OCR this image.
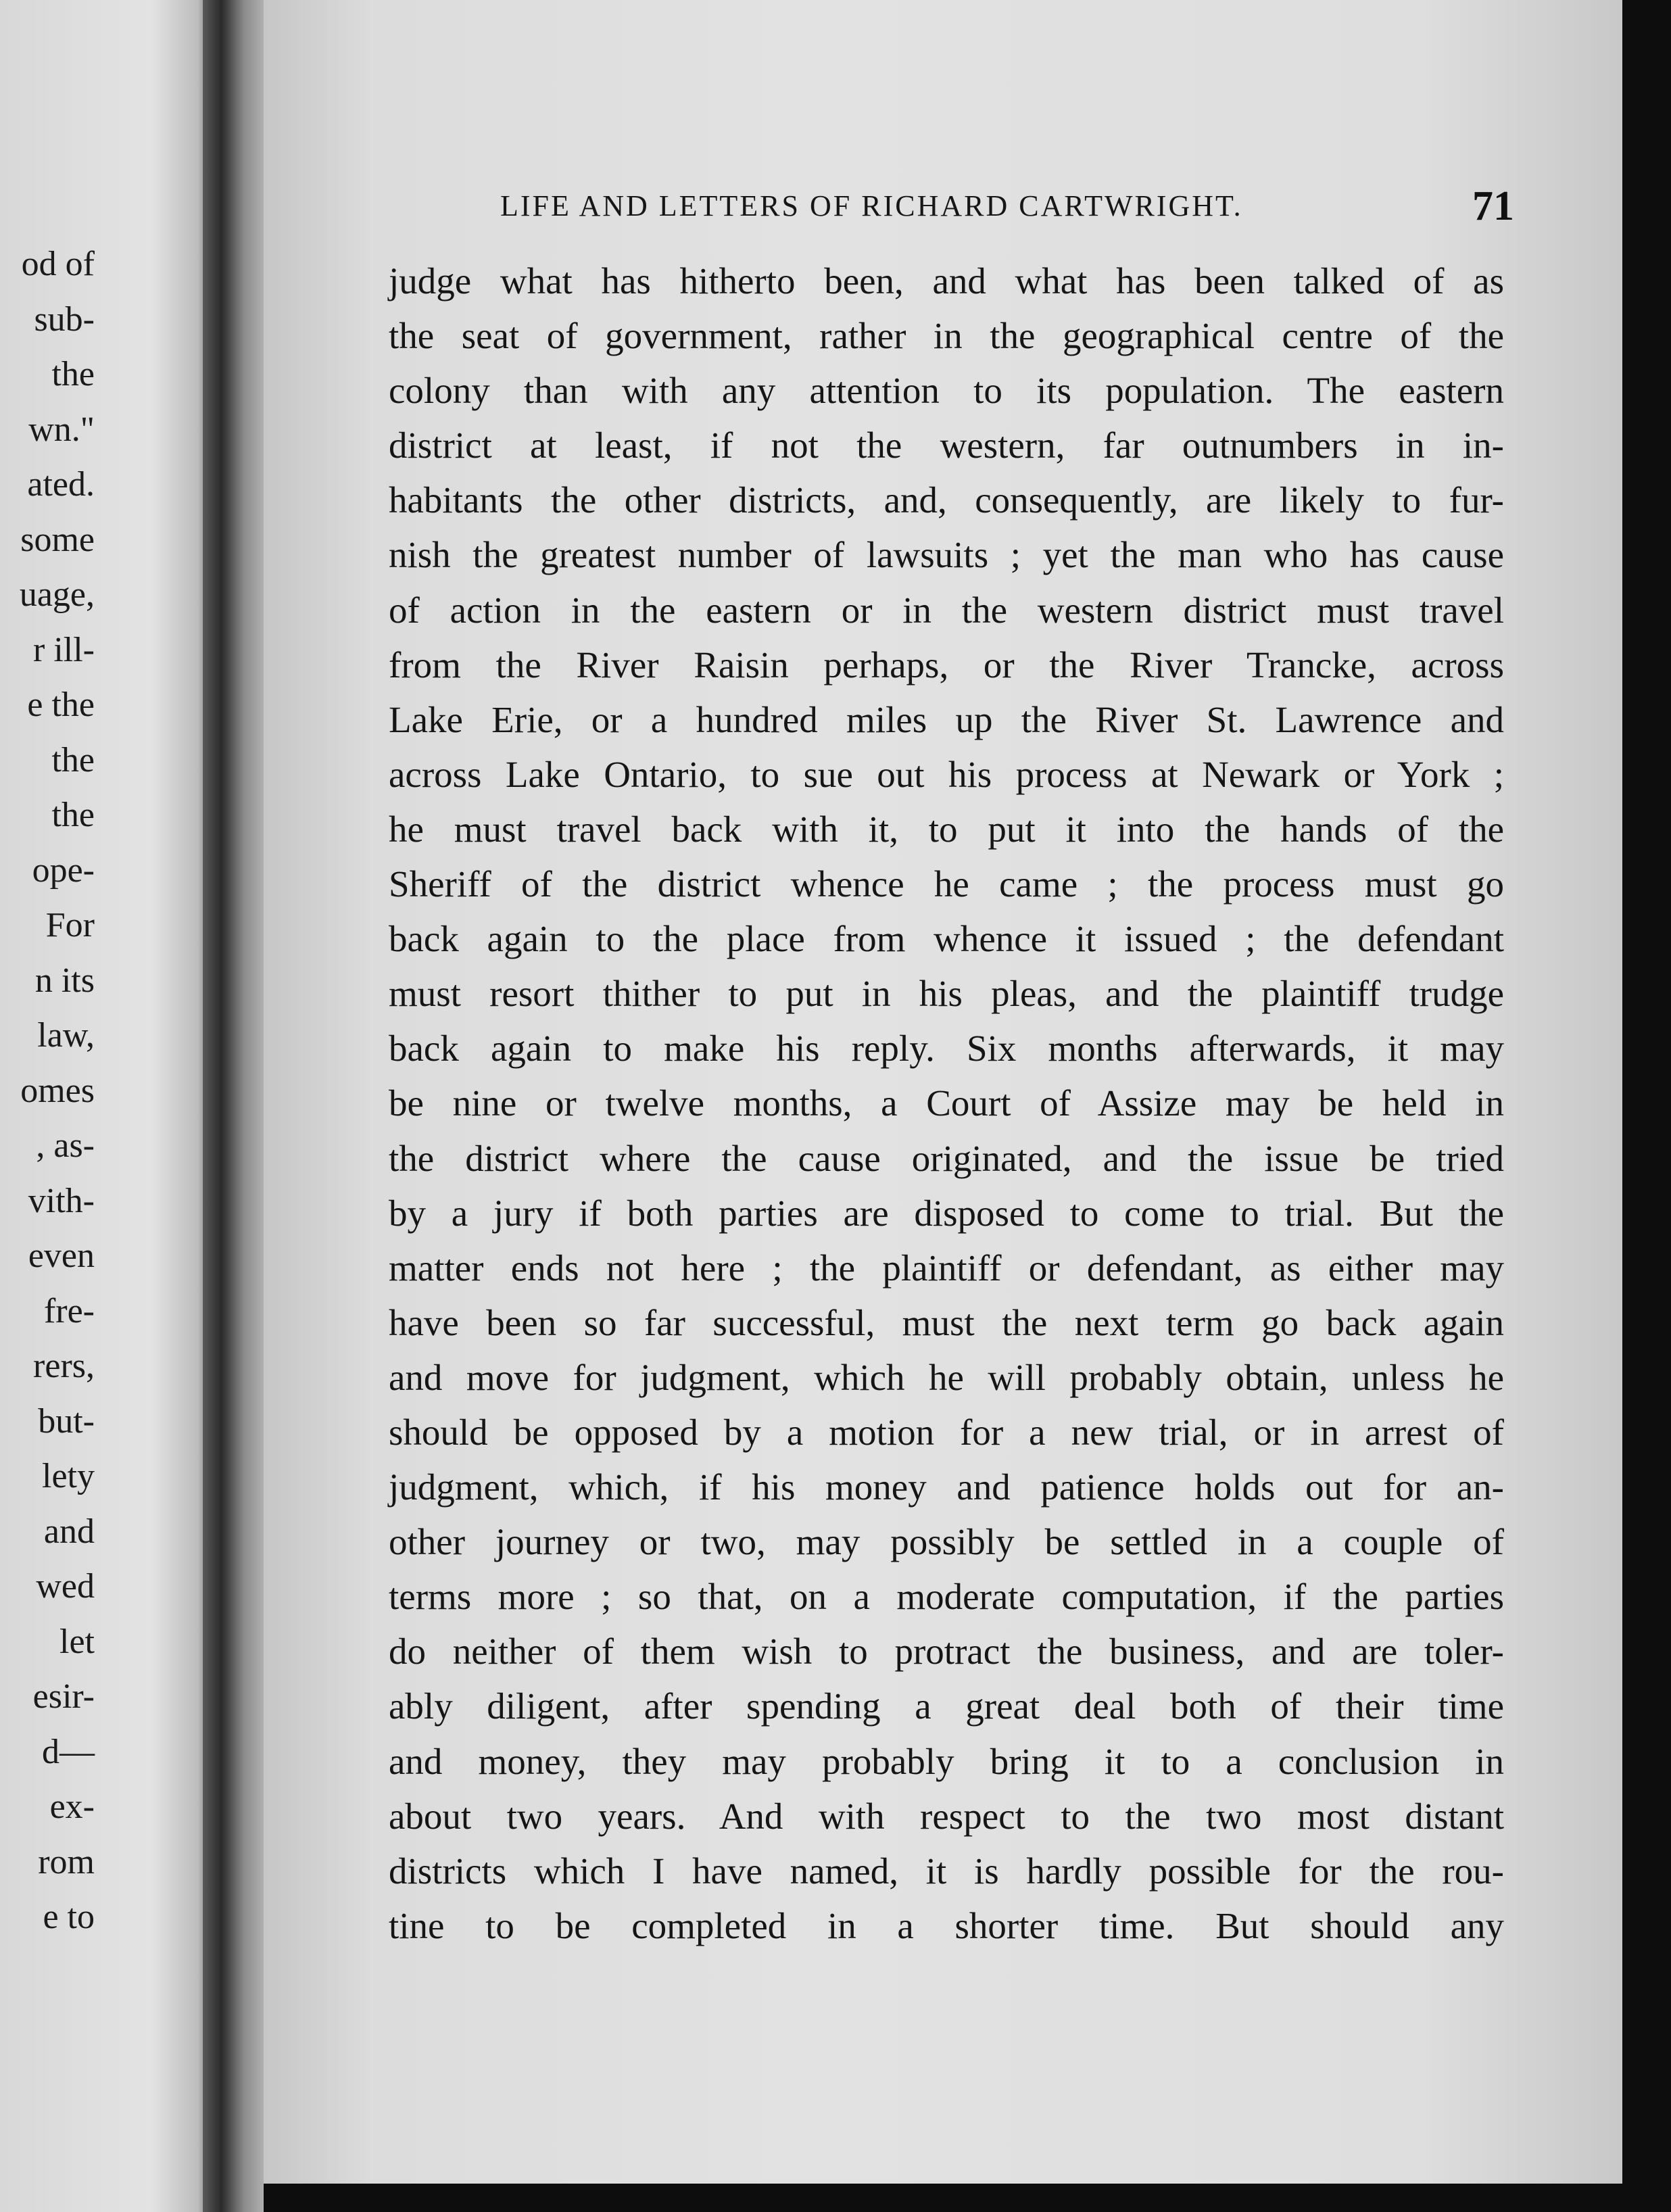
od of
sub-
the
wn."
ated.
some
uage,
r ill-
e the
the
the
ope-
For
n its
law,
omes
, as-
vith-
even
fre-
rers,
but-
lety
and
wed
let
esir-
d—
ex-
rom
e to
LIFE AND LETTERS OF RICHARD CARTWRIGHT.	71
judge what has hitherto been, and what has been talked of as
the seat of government, rather in the geographical centre of the
colony than with any attention to its population. The eastern
district at least, if not the western, far outnumbers in in-
habitants the other districts, and, consequently, are likely to fur-
nish the greatest number of lawsuits ; yet the man who has cause
of action in the eastern or in the western district must travel
from the River Raisin perhaps, or the River Trancke, across
Lake Erie, or a hundred miles up the River St. Lawrence and
across Lake Ontario, to sue out his process at Newark or York ;
he must travel back with it, to put it into the hands of the
Sheriff of the district whence he came ; the process must go
back again to the place from whence it issued ; the defendant
must resort thither to put in his pleas, and the plaintiff trudge
back again to make his reply. Six months afterwards, it may
be nine or twelve months, a Court of Assize may be held in
the district where the cause originated, and the issue be tried
by a jury if both parties are disposed to come to trial. But the
matter ends not here ; the plaintiff or defendant, as either may
have been so far successful, must the next term go back again
and move for judgment, which he will probably obtain, unless he
should be opposed by a motion for a new trial, or in arrest of
judgment, which, if his money and patience holds out for an-
other journey or two, may possibly be settled in a couple of
terms more ; so that, on a moderate computation, if the parties
do neither of them wish to protract the business, and are toler-
ably diligent, after spending a great deal both of their time
and money, they may probably bring it to a conclusion in
about two years. And with respect to the two most distant
districts which I have named, it is hardly possible for the rou-
tine to be completed in a shorter time. But should any
